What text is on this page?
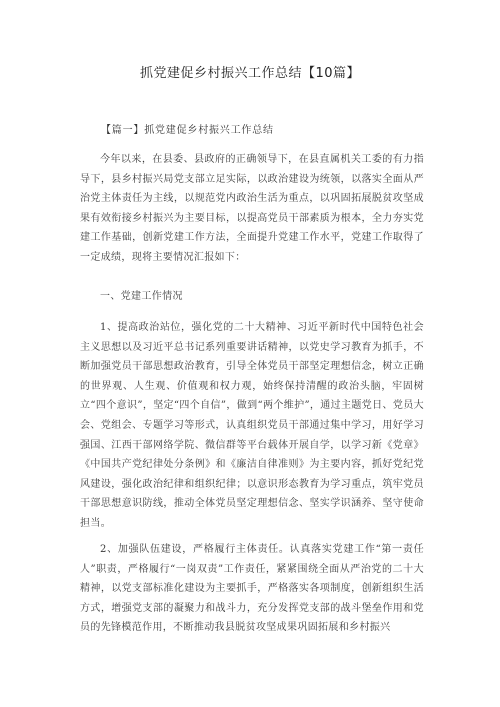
抓党建促乡村振兴工作总结【10篇】
【篇一】抓党建促乡村振兴工作总结

今年以来，在县委、县政府的正确领导下，在县直属机关工委的有力指导下，县乡村振兴局党支部立足实际，以政治建设为统领，以落实全面从严治党主体责任为主线，以规范党内政治生活为重点，以巩固拓展脱贫攻坚成果有效衔接乡村振兴为主要目标，以提高党员干部素质为根本，全力夯实党建工作基础，创新党建工作方法，全面提升党建工作水平，党建工作取得了一定成绩，现将主要情况汇报如下：

一、党建工作情况

1、提高政治站位，强化党的二十大精神、习近平新时代中国特色社会主义思想以及习近平总书记系列重要讲话精神，以党史学习教育为抓手，不断加强党员干部思想政治教育，引导全体党员干部坚定理想信念，树立正确的世界观、人生观、价值观和权力观，始终保持清醒的政治头脑，牢固树立“四个意识”，坚定“四个自信”，做到“两个维护”，通过主题党日、党员大会、党组会、专题学习等形式，认真组织党员干部通过集中学习，用好学习强国、江西干部网络学院、微信群等平台载体开展自学，以学习新《党章》《中国共产党纪律处分条例》和《廉洁自律准则》为主要内容，抓好党纪党风建设，强化政治纪律和组织纪律；以意识形态教育为学习重点，筑牢党员干部思想意识防线，推动全体党员坚定理想信念、坚实学识涵养、坚守使命担当。

2、加强队伍建设，严格履行主体责任。认真落实党建工作“第一责任人”职责，严格履行“一岗双责”工作责任，紧紧围绕全面从严治党的二十大精神，以党支部标准化建设为主要抓手，严格落实各项制度，创新组织生活方式，增强党支部的凝聚力和战斗力，充分发挥党支部的战斗堡垒作用和党员的先锋模范作用，不断推动我县脱贫攻坚成果巩固拓展和乡村振兴
